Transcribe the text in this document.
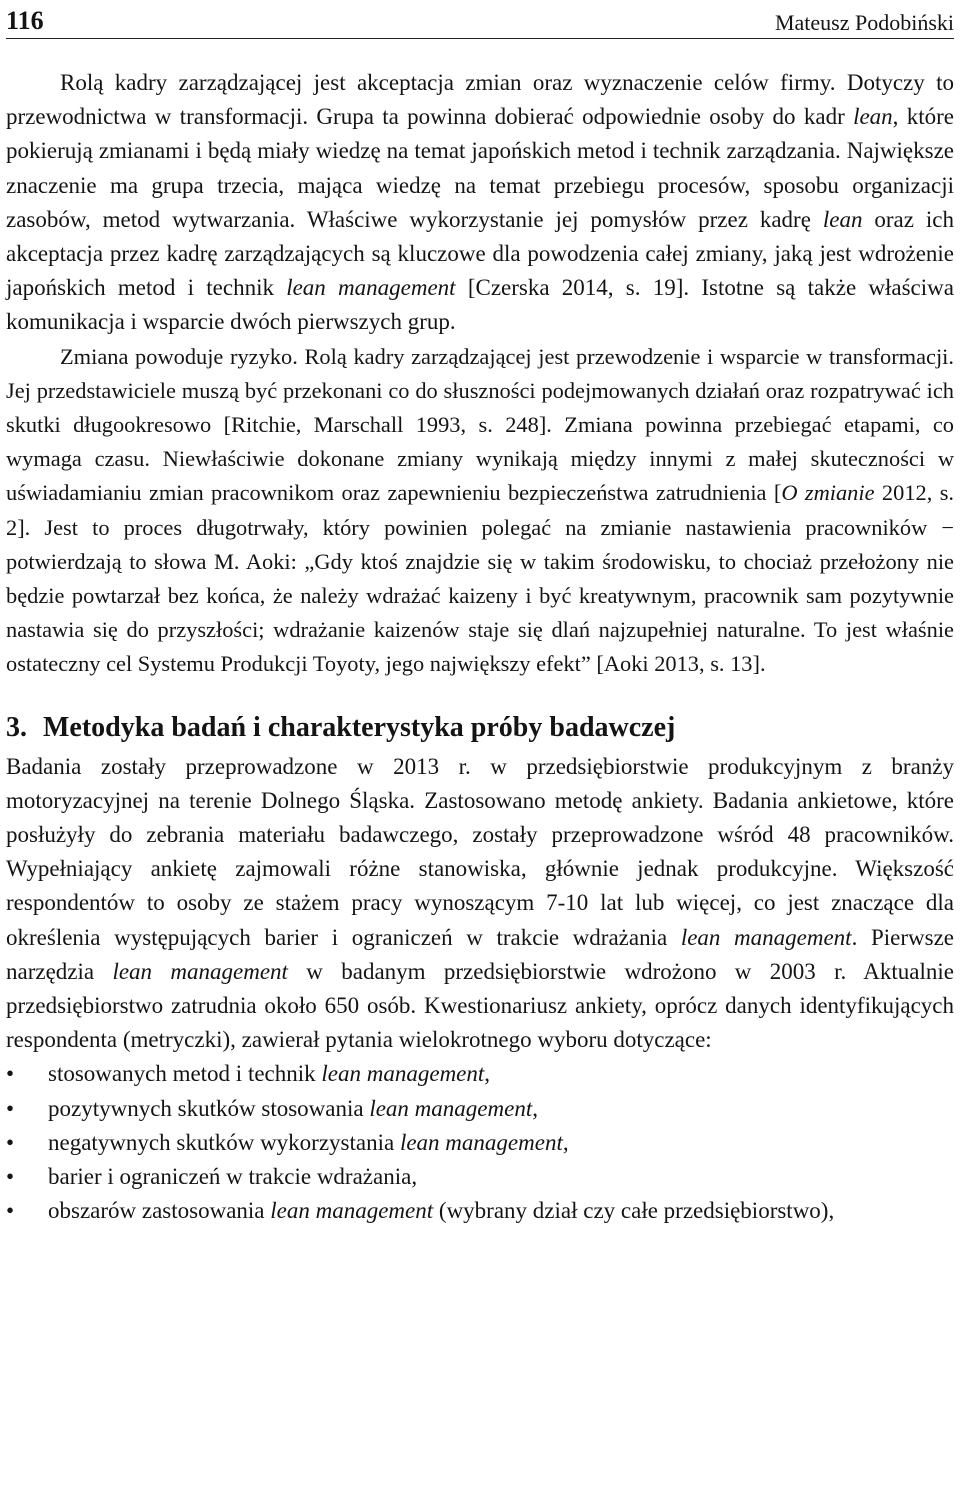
116	Mateusz Podobiński

Rolą kadry zarządzającej jest akceptacja zmian oraz wyznaczenie celów firmy. Dotyczy to przewodnictwa w transformacji. Grupa ta powinna dobierać odpowiednie osoby do kadr lean, które pokierują zmianami i będą miały wiedzę na temat japońskich metod i technik zarządzania. Największe znaczenie ma grupa trzecia, mająca wiedzę na temat przebiegu procesów, sposobu organizacji zasobów, metod wytwarzania. Właściwe wykorzystanie jej pomysłów przez kadrę lean oraz ich akceptacja przez kadrę zarządzających są kluczowe dla powodzenia całej zmiany, jaką jest wdrożenie japońskich metod i technik lean management [Czerska 2014, s. 19]. Istotne są także właściwa komunikacja i wsparcie dwóch pierwszych grup.

Zmiana powoduje ryzyko. Rolą kadry zarządzającej jest przewodzenie i wsparcie w transformacji. Jej przedstawiciele muszą być przekonani co do słuszności podejmowanych działań oraz rozpatrywać ich skutki długookresowo [Ritchie, Marschall 1993, s. 248]. Zmiana powinna przebiegać etapami, co wymaga czasu. Niewłaściwie dokonane zmiany wynikają między innymi z małej skuteczności w uświadamianiu zmian pracownikom oraz zapewnieniu bezpieczeństwa zatrudnienia [O zmianie 2012, s. 2]. Jest to proces długotrwały, który powinien polegać na zmianie nastawienia pracowników − potwierdzają to słowa M. Aoki: „Gdy ktoś znajdzie się w takim środowisku, to chociaż przełożony nie będzie powtarzał bez końca, że należy wdrażać kaizeny i być kreatywnym, pracownik sam pozytywnie nastawia się do przyszłości; wdrażanie kaizenów staje się dlań najzupełniej naturalne. To jest właśnie ostateczny cel Systemu Produkcji Toyoty, jego największy efekt” [Aoki 2013, s. 13].

3. Metodyka badań i charakterystyka próby badawczej

Badania zostały przeprowadzone w 2013 r. w przedsiębiorstwie produkcyjnym z branży motoryzacyjnej na terenie Dolnego Śląska. Zastosowano metodę ankiety. Badania ankietowe, które posłużyły do zebrania materiału badawczego, zostały przeprowadzone wśród 48 pracowników. Wypełniający ankietę zajmowali różne stanowiska, głównie jednak produkcyjne. Większość respondentów to osoby ze stażem pracy wynoszącym 7-10 lat lub więcej, co jest znaczące dla określenia występujących barier i ograniczeń w trakcie wdrażania lean management. Pierwsze narzędzia lean management w badanym przedsiębiorstwie wdrożono w 2003 r. Aktualnie przedsiębiorstwo zatrudnia około 650 osób. Kwestionariusz ankiety, oprócz danych identyfikujących respondenta (metryczki), zawierał pytania wielokrotnego wyboru dotyczące:

•	stosowanych metod i technik lean management,
•	pozytywnych skutków stosowania lean management,
•	negatywnych skutków wykorzystania lean management,
•	barier i ograniczeń w trakcie wdrażania,
•	obszarów zastosowania lean management (wybrany dział czy całe przedsiębiorstwo),
